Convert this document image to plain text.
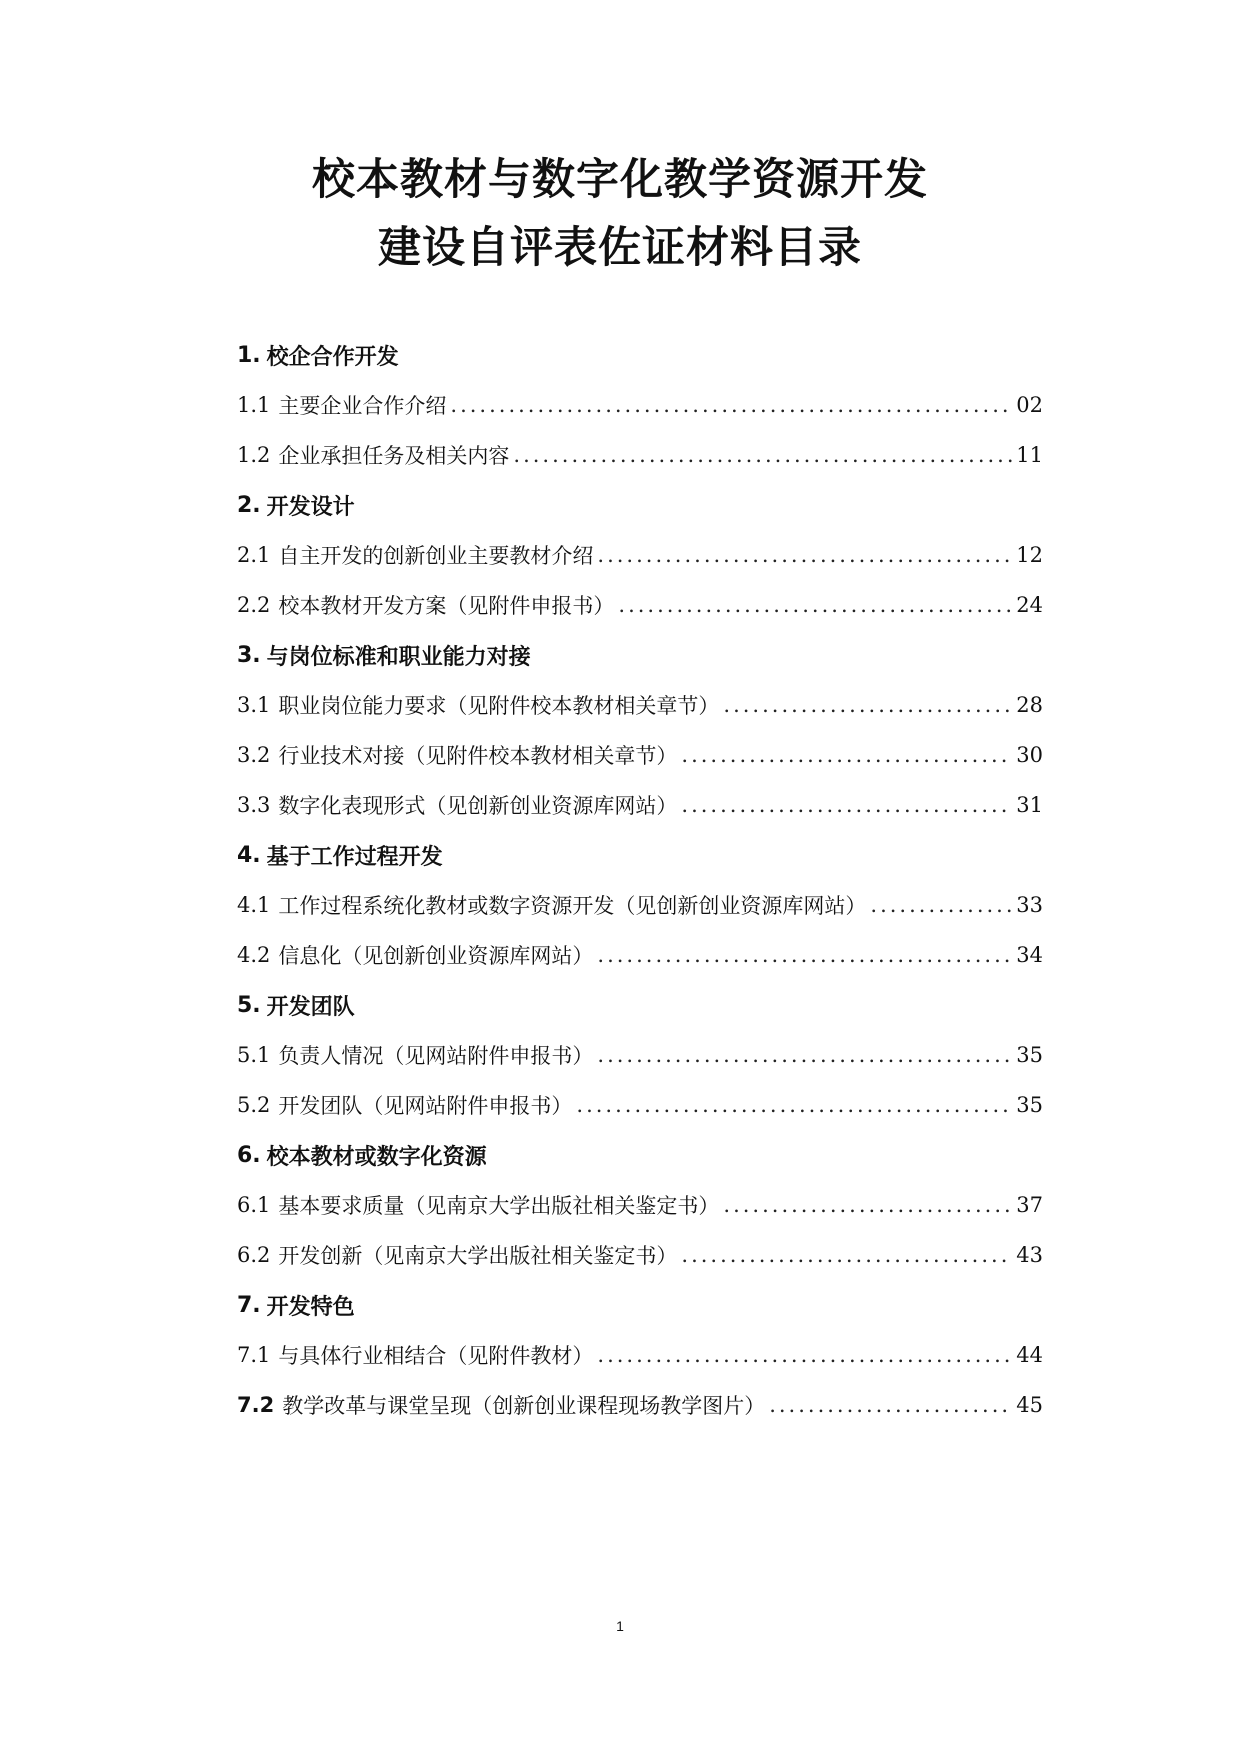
校本教材与数字化教学资源开发
建设自评表佐证材料目录
1. 校企合作开发
1.1 主要企业合作介绍 .....	02
1.2 企业承担任务及相关内容 .....	11
2. 开发设计
2.1 自主开发的创新创业主要教材介绍 .....	12
2.2 校本教材开发方案（见附件申报书） .....	24
3. 与岗位标准和职业能力对接
3.1 职业岗位能力要求（见附件校本教材相关章节） .....	28
3.2 行业技术对接（见附件校本教材相关章节） .....	30
3.3 数字化表现形式（见创新创业资源库网站） .....	31
4. 基于工作过程开发
4.1 工作过程系统化教材或数字资源开发（见创新创业资源库网站） .....	33
4.2 信息化（见创新创业资源库网站） .....	34
5. 开发团队
5.1 负责人情况（见网站附件申报书） .....	35
5.2 开发团队（见网站附件申报书） .....	35
6. 校本教材或数字化资源
6.1 基本要求质量（见南京大学出版社相关鉴定书） .....	37
6.2 开发创新（见南京大学出版社相关鉴定书） .....	43
7. 开发特色
7.1 与具体行业相结合（见附件教材） .....	44
7.2 教学改革与课堂呈现（创新创业课程现场教学图片） .....	45
1
